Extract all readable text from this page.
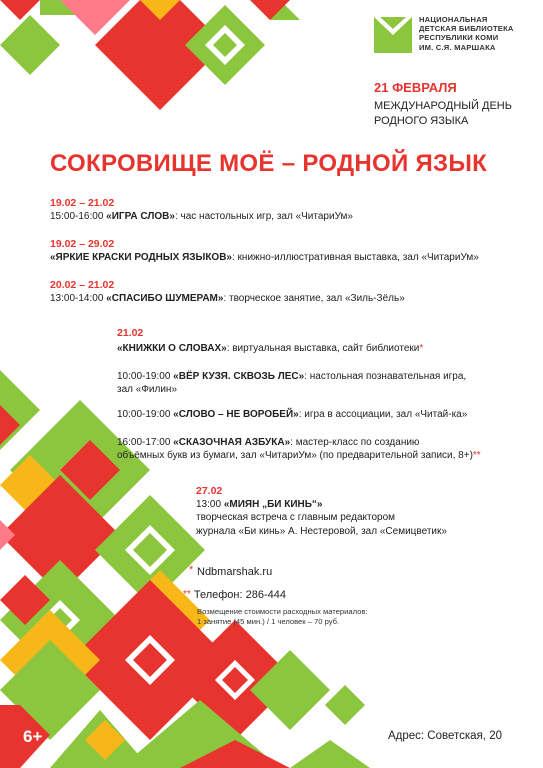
НАЦИОНАЛЬНАЯ
ДЕТСКАЯ БИБЛИОТЕКА
РЕСПУБЛИКИ КОМИ
ИМ. С.Я. МАРШАКА
21 ФЕВРАЛЯ
МЕЖДУНАРОДНЫЙ ДЕНЬ
РОДНОГО ЯЗЫКА
СОКРОВИЩЕ МОЁ – РОДНОЙ ЯЗЫК
19.02 – 21.02
15:00-16:00 «ИГРА СЛОВ»: час настольных игр, зал «ЧитариУм»
19.02 – 29.02
«ЯРКИЕ КРАСКИ РОДНЫХ ЯЗЫКОВ»: книжно-иллюстративная выставка, зал «ЧитариУм»
20.02 – 21.02
13:00-14:00 «СПАСИБО ШУМЕРАМ»: творческое занятие, зал «Зиль-Зёль»
21.02
«КНИЖКИ О СЛОВАХ»: виртуальная выставка, сайт библиотеки*
10:00-19:00 «ВЁР КУЗЯ. СКВОЗЬ ЛЕС»: настольная познавательная игра,
зал «Филин»
10:00-19:00 «СЛОВО – НЕ ВОРОБЕЙ»: игра в ассоциации, зал «Читай-ка»
16:00-17:00 «СКАЗОЧНАЯ АЗБУКА»: мастер-класс по созданию
объёмных букв из бумаги, зал «ЧитариУм» (по предварительной записи, 8+)**
27.02
13:00 «МИЯН „БИ КИНЬ“»
творческая встреча с главным редактором
журнала «Би кинь» А. Нестеровой, зал «Семицветик»
* Ndbmarshak.ru
** Телефон: 286-444
Возмещение стоимости расходных материалов:
1 занятие (45 мин.) / 1 человек – 70 руб.
6+	Адрес: Советская, 20
